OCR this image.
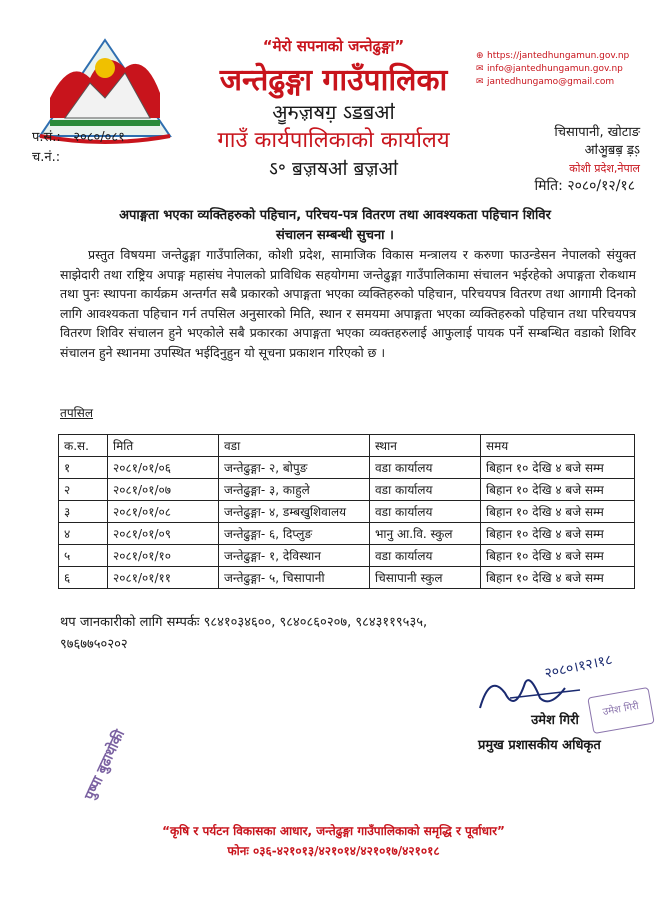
“मेरो सपनाको जन्तेढुङ्गा”
जन्तेढुङ्गा गाउँपालिका
ॷॸॹॺॻ़ ऽॾॿॴ
गाउँ कार्यपालिकाको कार्यालय
ऽ॰ ॿॹॺॴ ॿॹॴ
⊕ https://jantedhungamun.gov.np
✉ info@jantedhungamun.gov.np
✉ jantedhungamo@gmail.com
प.सं.: २०८०/०८१
च.नं.:
चिसापानी, खोटाङ
ॴॷॿॿ़ ॾ़ऽ़
कोशी प्रदेश,नेपाल
मिति: २०८०/१२/१८
अपाङ्गता भएका व्यक्तिहरुको पहिचान, परिचय-पत्र वितरण तथा आवश्यकता पहिचान शिविर
संचालन सम्बन्धी सुचना ।

प्रस्तुत विषयमा जन्तेढुङ्गा गाउँपालिका, कोशी प्रदेश, सामाजिक विकास मन्त्रालय र करुणा फाउन्डेसन नेपालको संयुक्त साझेदारी तथा राष्ट्रिय अपाङ्ग महासंघ नेपालको प्राविधिक सहयोगमा जन्तेढुङ्गा गाउँपालिकामा संचालन भईरहेको अपाङ्गता रोकथाम तथा पुनः स्थापना कार्यक्रम अन्तर्गत सबै प्रकारको अपाङ्गता भएका व्यक्तिहरुको पहिचान, परिचयपत्र वितरण तथा आगामी दिनको लागि आवश्यकता पहिचान गर्न तपसिल अनुसारको मिति, स्थान र समयमा अपाङ्गता भएका व्यक्तिहरुको पहिचान तथा परिचयपत्र वितरण शिविर संचालन हुने भएकोले सबै प्रकारका अपाङ्गता भएका व्यक्तहरुलाई आफुलाई पायक पर्ने सम्बन्धित वडाको शिविर संचालन हुने स्थानमा उपस्थित भईदिनुहुन यो सूचना प्रकाशन गरिएको छ ।

तपसिल
क.स.	मिति	वडा	स्थान	समय
१	२०८१/०१/०६	जन्तेढुङ्गा- २, बोपुङ	वडा कार्यालय	बिहान १० देखि ४ बजे सम्म
२	२०८१/०१/०७	जन्तेढुङ्गा- ३, काहुले	वडा कार्यालय	बिहान १० देखि ४ बजे सम्म
३	२०८१/०१/०८	जन्तेढुङ्गा- ४, डम्बखुशिवालय	वडा कार्यालय	बिहान १० देखि ४ बजे सम्म
४	२०८१/०१/०९	जन्तेढुङ्गा- ६, दिप्लुङ	भानु आ.वि. स्कुल	बिहान १० देखि ४ बजे सम्म
५	२०८१/०१/१०	जन्तेढुङ्गा- १, देविस्थान	वडा कार्यालय	बिहान १० देखि ४ बजे सम्म
६	२०८१/०१/११	जन्तेढुङ्गा- ५, चिसापानी	चिसापानी स्कुल	बिहान १० देखि ४ बजे सम्म
थप जानकारीको लागि सम्पर्कः ९८४१०३४६००, ९८४०८६०२०७, ९८४३११९५३५, ९७६७७५०२०२
२०८०।१२।१८
उमेश गिरी
उमेश गिरी
प्रमुख प्रशासकीय अधिकृत
पुष्पा बुढाथोकी
“कृषि र पर्यटन विकासका आधार, जन्तेढुङ्गा गाउँपालिकाको समृद्धि र पूर्वाधार”
फोनः ०३६-४२१०१३/४२१०१४/४२१०१७/४२१०१८
